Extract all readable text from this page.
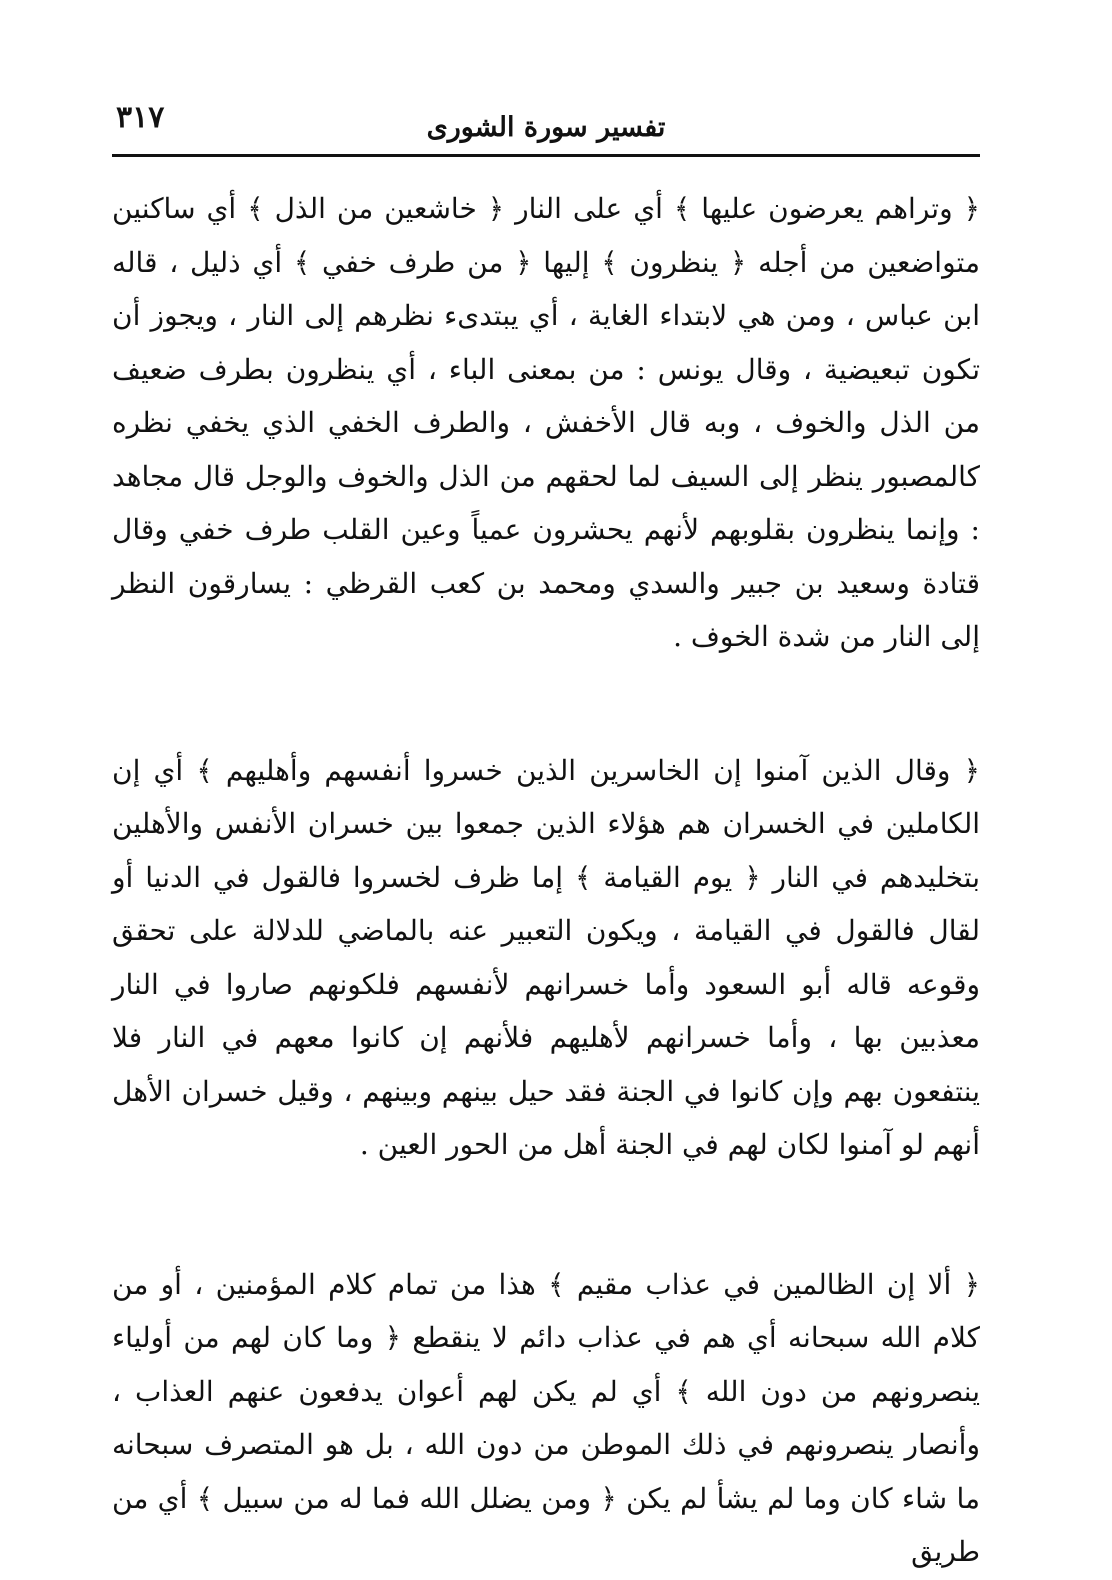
٣١٧	تفسير سورة الشورى

﴿ وتراهم يعرضون عليها ﴾ أي على النار ﴿ خاشعين من الذل ﴾ أي ساكنين متواضعين من أجله ﴿ ينظرون ﴾ إليها ﴿ من طرف خفي ﴾ أي ذليل ، قاله ابن عباس ، ومن هي لابتداء الغاية ، أي يبتدىء نظرهم إلى النار ، ويجوز أن تكون تبعيضية ، وقال يونس : من بمعنى الباء ، أي ينظرون بطرف ضعيف من الذل والخوف ، وبه قال الأخفش ، والطرف الخفي الذي يخفي نظره كالمصبور ينظر إلى السيف لما لحقهم من الذل والخوف والوجل قال مجاهد : وإنما ينظرون بقلوبهم لأنهم يحشرون عمياً وعين القلب طرف خفي وقال قتادة وسعيد بن جبير والسدي ومحمد بن كعب القرظي : يسارقون النظر إلى النار من شدة الخوف .

﴿ وقال الذين آمنوا إن الخاسرين الذين خسروا أنفسهم وأهليهم ﴾ أي إن الكاملين في الخسران هم هؤلاء الذين جمعوا بين خسران الأنفس والأهلين بتخليدهم في النار ﴿ يوم القيامة ﴾ إما ظرف لخسروا فالقول في الدنيا أو لقال فالقول في القيامة ، ويكون التعبير عنه بالماضي للدلالة على تحقق وقوعه قاله أبو السعود وأما خسرانهم لأنفسهم فلكونهم صاروا في النار معذبين بها ، وأما خسرانهم لأهليهم فلأنهم إن كانوا معهم في النار فلا ينتفعون بهم وإن كانوا في الجنة فقد حيل بينهم وبينهم ، وقيل خسران الأهل أنهم لو آمنوا لكان لهم في الجنة أهل من الحور العين .

﴿ ألا إن الظالمين في عذاب مقيم ﴾ هذا من تمام كلام المؤمنين ، أو من كلام الله سبحانه أي هم في عذاب دائم لا ينقطع ﴿ وما كان لهم من أولياء ينصرونهم من دون الله ﴾ أي لم يكن لهم أعوان يدفعون عنهم العذاب ، وأنصار ينصرونهم في ذلك الموطن من دون الله ، بل هو المتصرف سبحانه ما شاء كان وما لم يشأ لم يكن ﴿ ومن يضلل الله فما له من سبيل ﴾ أي من طريق
